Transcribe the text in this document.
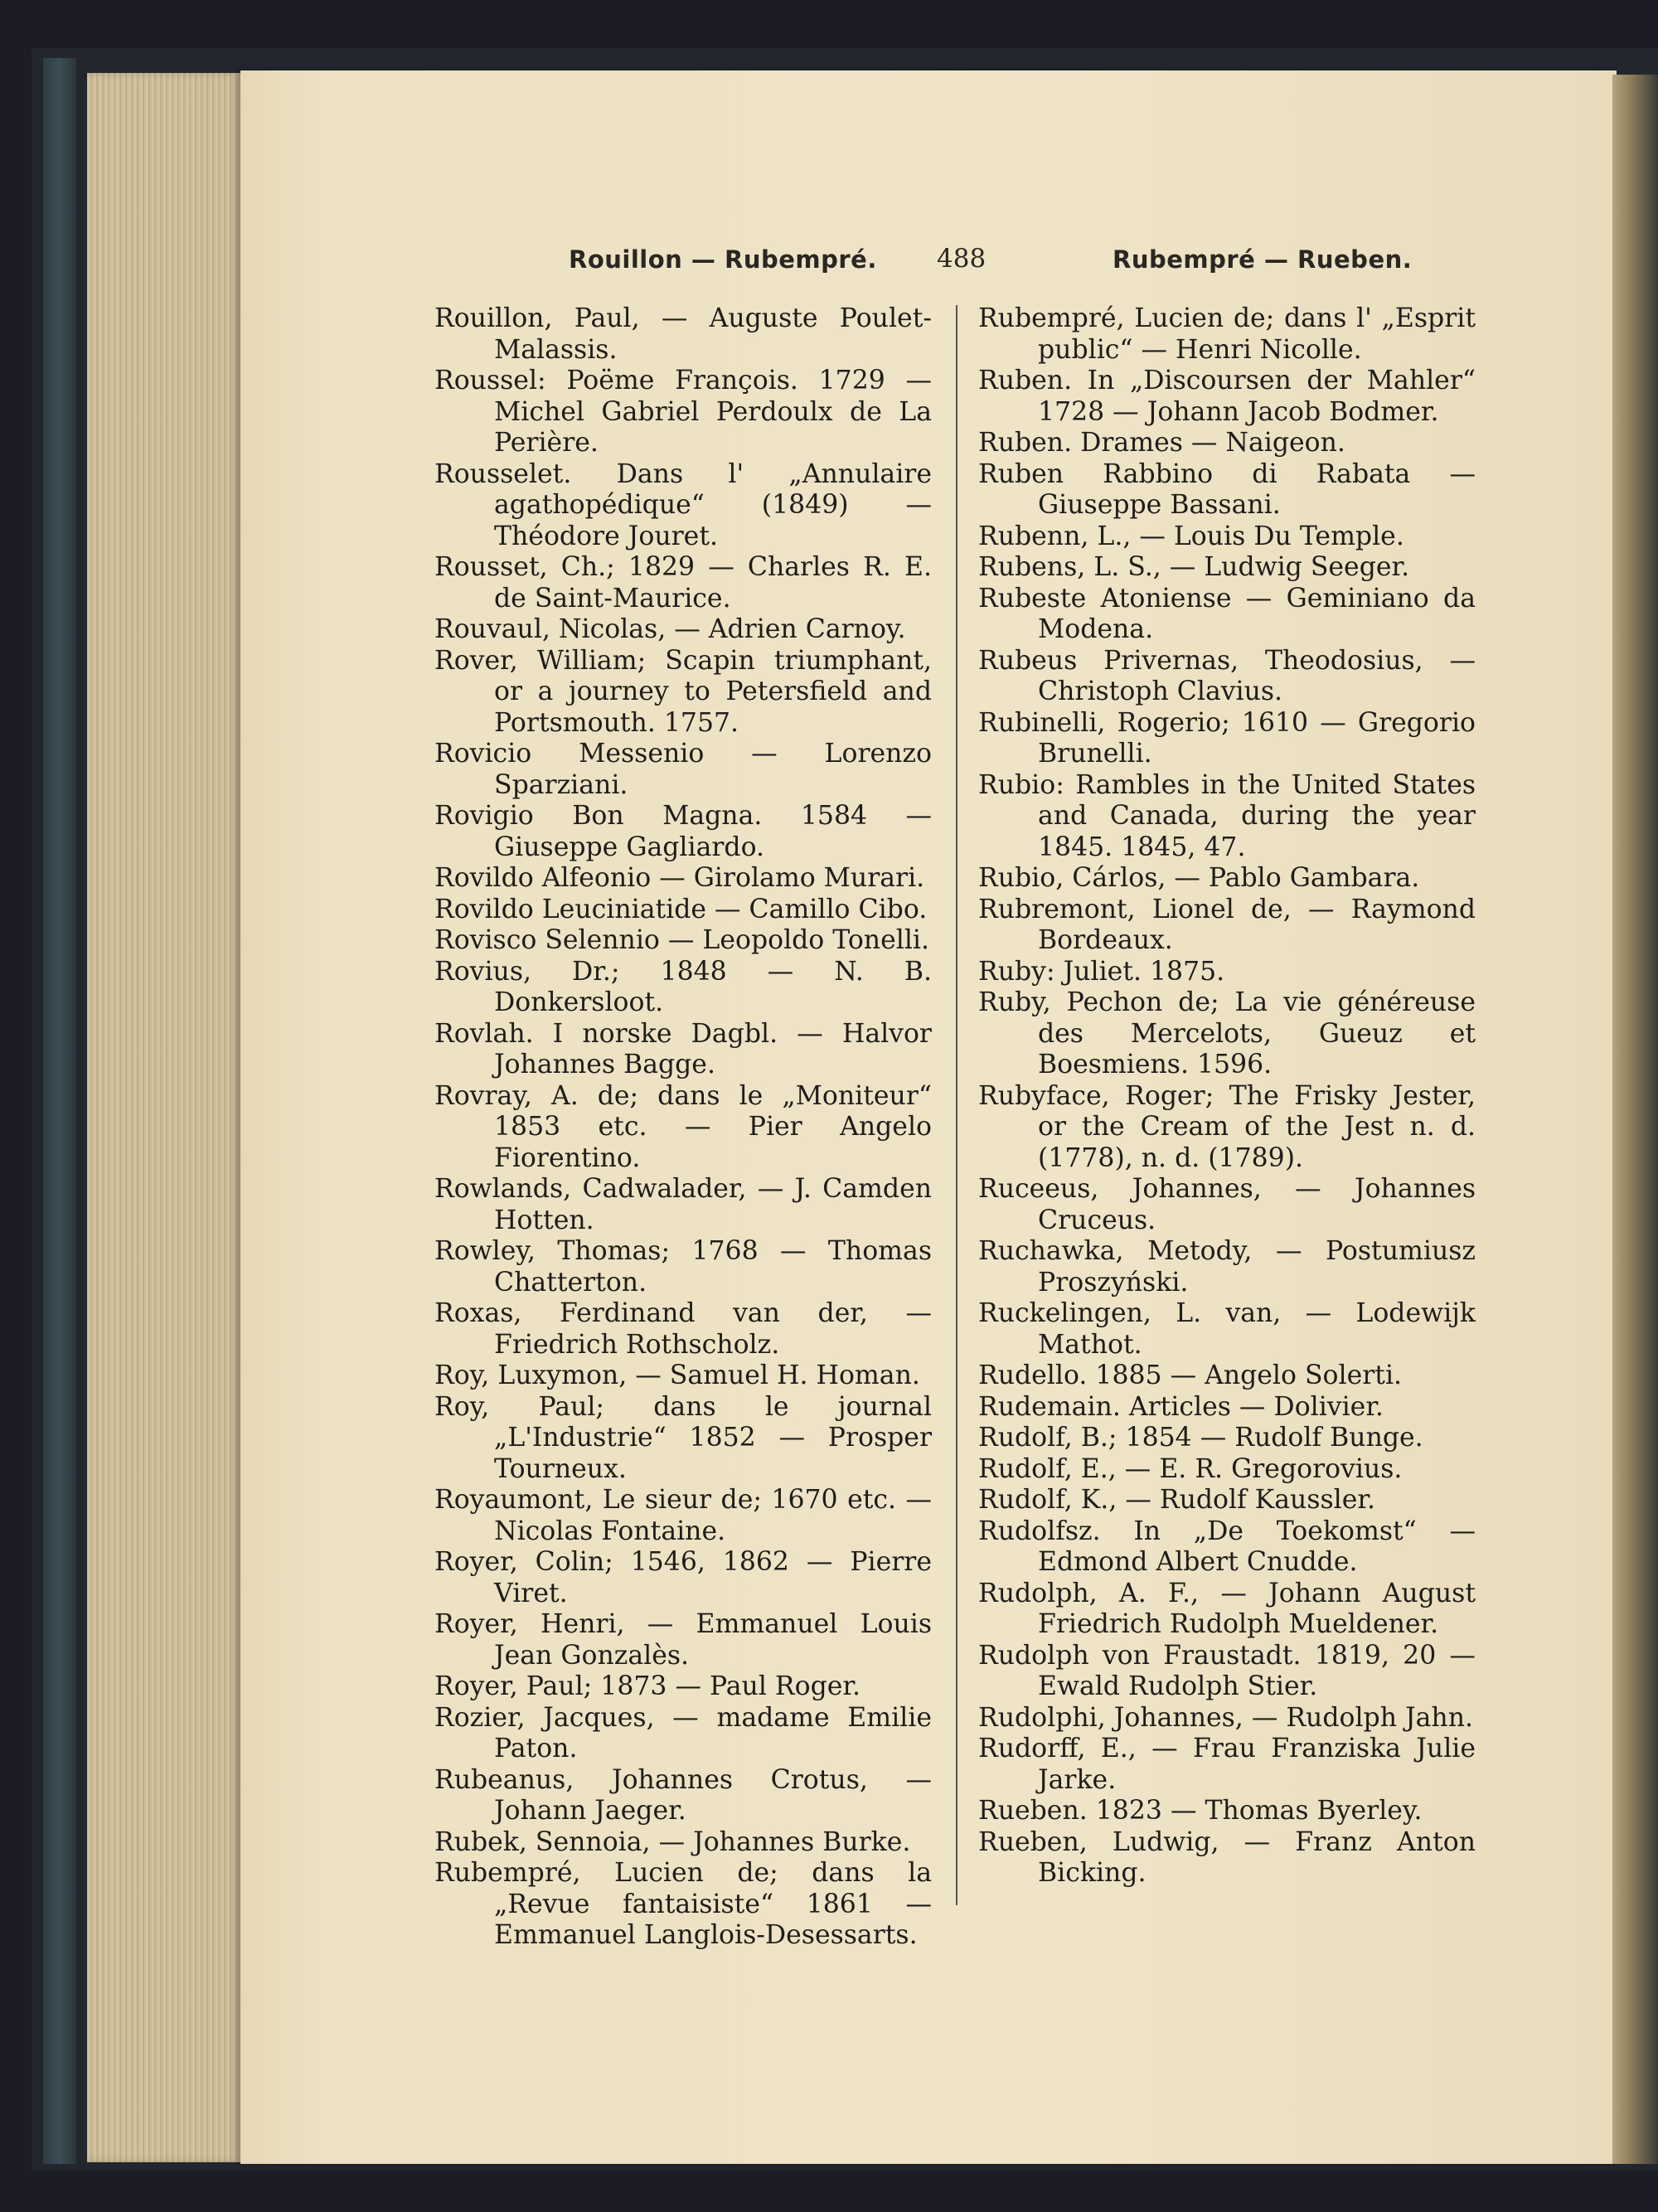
Rouillon — Rubempré. 488	Rubempré — Rueben.

Rouillon, Paul, — Auguste Poulet-Malassis.

Roussel: Poëme François. 1729 — Michel Gabriel Perdoulx de La Perière.

Rousselet. Dans l' „Annulaire agathopédique“ (1849) — Théodore Jouret.

Rousset, Ch.; 1829 — Charles R. E. de Saint-Maurice.

Rouvaul, Nicolas, — Adrien Carnoy.

Rover, William; Scapin triumphant, or a journey to Petersfield and Portsmouth. 1757.

Rovicio Messenio — Lorenzo Sparziani.

Rovigio Bon Magna. 1584 — Giuseppe Gagliardo.

Rovildo Alfeonio — Girolamo Murari.

Rovildo Leuciniatide — Camillo Cibo.

Rovisco Selennio — Leopoldo Tonelli.

Rovius, Dr.; 1848 — N. B. Donkersloot.

Rovlah. I norske Dagbl. — Halvor Johannes Bagge.

Rovray, A. de; dans le „Moniteur“ 1853 etc. — Pier Angelo Fiorentino.

Rowlands, Cadwalader, — J. Camden Hotten.

Rowley, Thomas; 1768 — Thomas Chatterton.

Roxas, Ferdinand van der, — Friedrich Rothscholz.

Roy, Luxymon, — Samuel H. Homan.

Roy, Paul; dans le journal „L'Industrie“ 1852 — Prosper Tourneux.

Royaumont, Le sieur de; 1670 etc. — Nicolas Fontaine.

Royer, Colin; 1546, 1862 — Pierre Viret.

Royer, Henri, — Emmanuel Louis Jean Gonzalès.

Royer, Paul; 1873 — Paul Roger.

Rozier, Jacques, — madame Emilie Paton.

Rubeanus, Johannes Crotus, — Johann Jaeger.

Rubek, Sennoia, — Johannes Burke.

Rubempré, Lucien de; dans la „Revue fantaisiste“ 1861 — Emmanuel Langlois-Desessarts.

Rubempré, Lucien de; dans l' „Esprit public“ — Henri Nicolle.

Ruben. In „Discoursen der Mahler“ 1728 — Johann Jacob Bodmer.

Ruben. Drames — Naigeon.

Ruben Rabbino di Rabata — Giuseppe Bassani.

Rubenn, L., — Louis Du Temple.

Rubens, L. S., — Ludwig Seeger.

Rubeste Atoniense — Geminiano da Modena.

Rubeus Privernas, Theodosius, — Christoph Clavius.

Rubinelli, Rogerio; 1610 — Gregorio Brunelli.

Rubio: Rambles in the United States and Canada, during the year 1845. 1845, 47.

Rubio, Cárlos, — Pablo Gambara.

Rubremont, Lionel de, — Raymond Bordeaux.

Ruby: Juliet. 1875.

Ruby, Pechon de; La vie généreuse des Mercelots, Gueuz et Boesmiens. 1596.

Rubyface, Roger; The Frisky Jester, or the Cream of the Jest n. d. (1778), n. d. (1789).

Ruceeus, Johannes, — Johannes Cruceus.

Ruchawka, Metody, — Postumiusz Proszyński.

Ruckelingen, L. van, — Lodewijk Mathot.

Rudello. 1885 — Angelo Solerti.

Rudemain. Articles — Dolivier.

Rudolf, B.; 1854 — Rudolf Bunge.

Rudolf, E., — E. R. Gregorovius.

Rudolf, K., — Rudolf Kaussler.

Rudolfsz. In „De Toekomst“ — Edmond Albert Cnudde.

Rudolph, A. F., — Johann August Friedrich Rudolph Mueldener.

Rudolph von Fraustadt. 1819, 20 — Ewald Rudolph Stier.

Rudolphi, Johannes, — Rudolph Jahn.

Rudorff, E., — Frau Franziska Julie Jarke.

Rueben. 1823 — Thomas Byerley.

Rueben, Ludwig, — Franz Anton Bicking.
